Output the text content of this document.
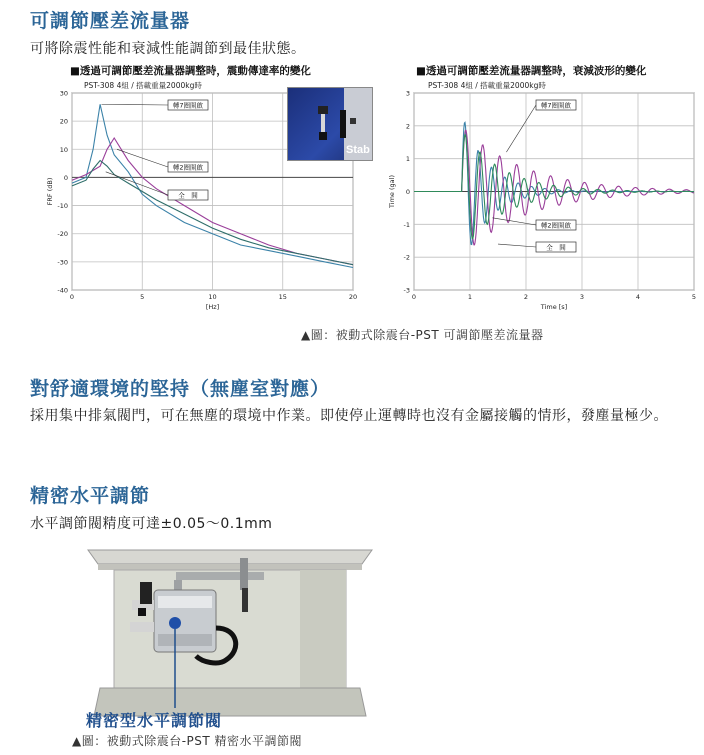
可調節壓差流量器
可將除震性能和衰減性能調節到最佳狀態。
■透過可調節壓差流量器調整時，震動傳達率的變化
PST-308 4組 / 搭載重量2000kg時
0	5	10	15	20
30
20
10
0
-10
-20
-30
-40
[Hz]
FRF (dB)
轉7圈開啟
轉2圈開啟
全　開
Stab
■透過可調節壓差流量器調整時，衰減波形的變化
PST-308 4組 / 搭載重量2000kg時
0	1	2	3	4	5
3
2
1
0
-1
-2
-3
Time [s]
Time (gal)
轉7圈開啟
轉2圈開啟
全　開
▲圖：被動式除震台-PST 可調節壓差流量器
對舒適環境的堅持（無塵室對應）
採用集中排氣閥門，可在無塵的環境中作業。即使停止運轉時也沒有金屬接觸的情形，發塵量極少。
精密水平調節
水平調節閥精度可達±0.05〜0.1mm
精密型水平調節閥
▲圖：被動式除震台-PST 精密水平調節閥
